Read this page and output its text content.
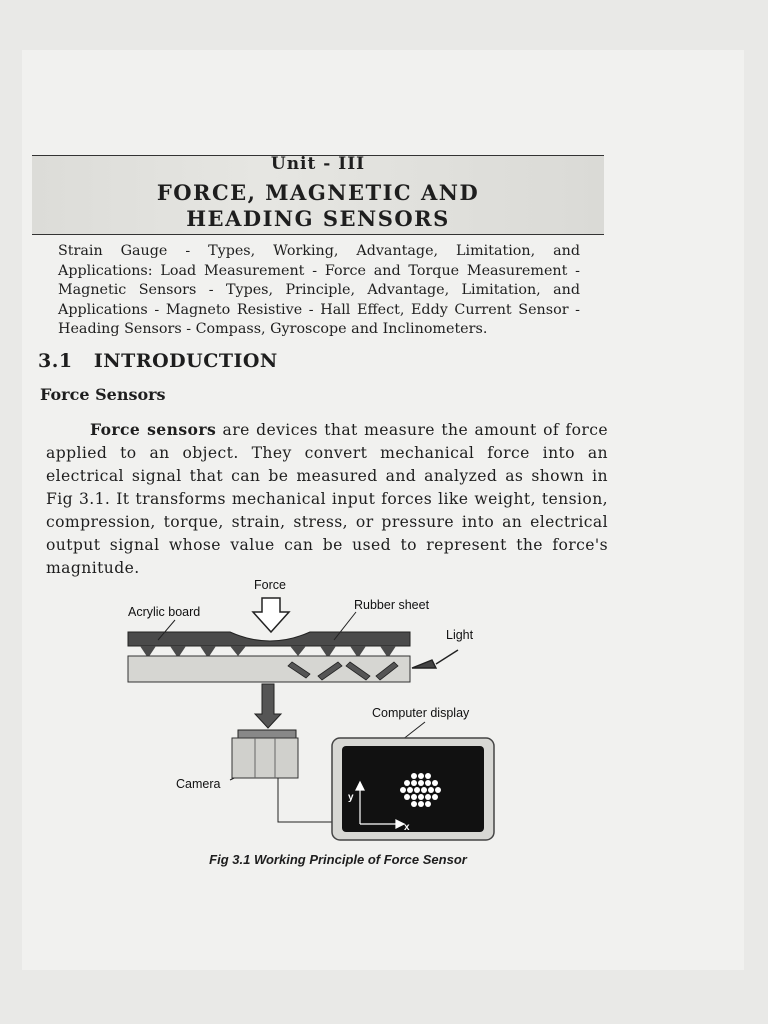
Unit - III
FORCE, MAGNETIC AND
HEADING SENSORS
Strain Gauge - Types, Working, Advantage, Limitation, and Applications: Load Measurement - Force and Torque Measurement - Magnetic Sensors - Types, Principle, Advantage, Limitation, and Applications - Magneto Resistive - Hall Effect, Eddy Current Sensor - Heading Sensors - Compass, Gyroscope and Inclinometers.
3.1 INTRODUCTION
Force Sensors
Force sensors are devices that measure the amount of force applied to an object. They convert mechanical force into an electrical signal that can be measured and analyzed as shown in Fig 3.1. It transforms mechanical input forces like weight, tension, compression, torque, strain, stress, or pressure into an electrical output signal whose value can be used to represent the force's magnitude.
Force
Acrylic board	Rubber sheet
Light
Computer display
Camera
y
x
Fig 3.1 Working Principle of Force Sensor
